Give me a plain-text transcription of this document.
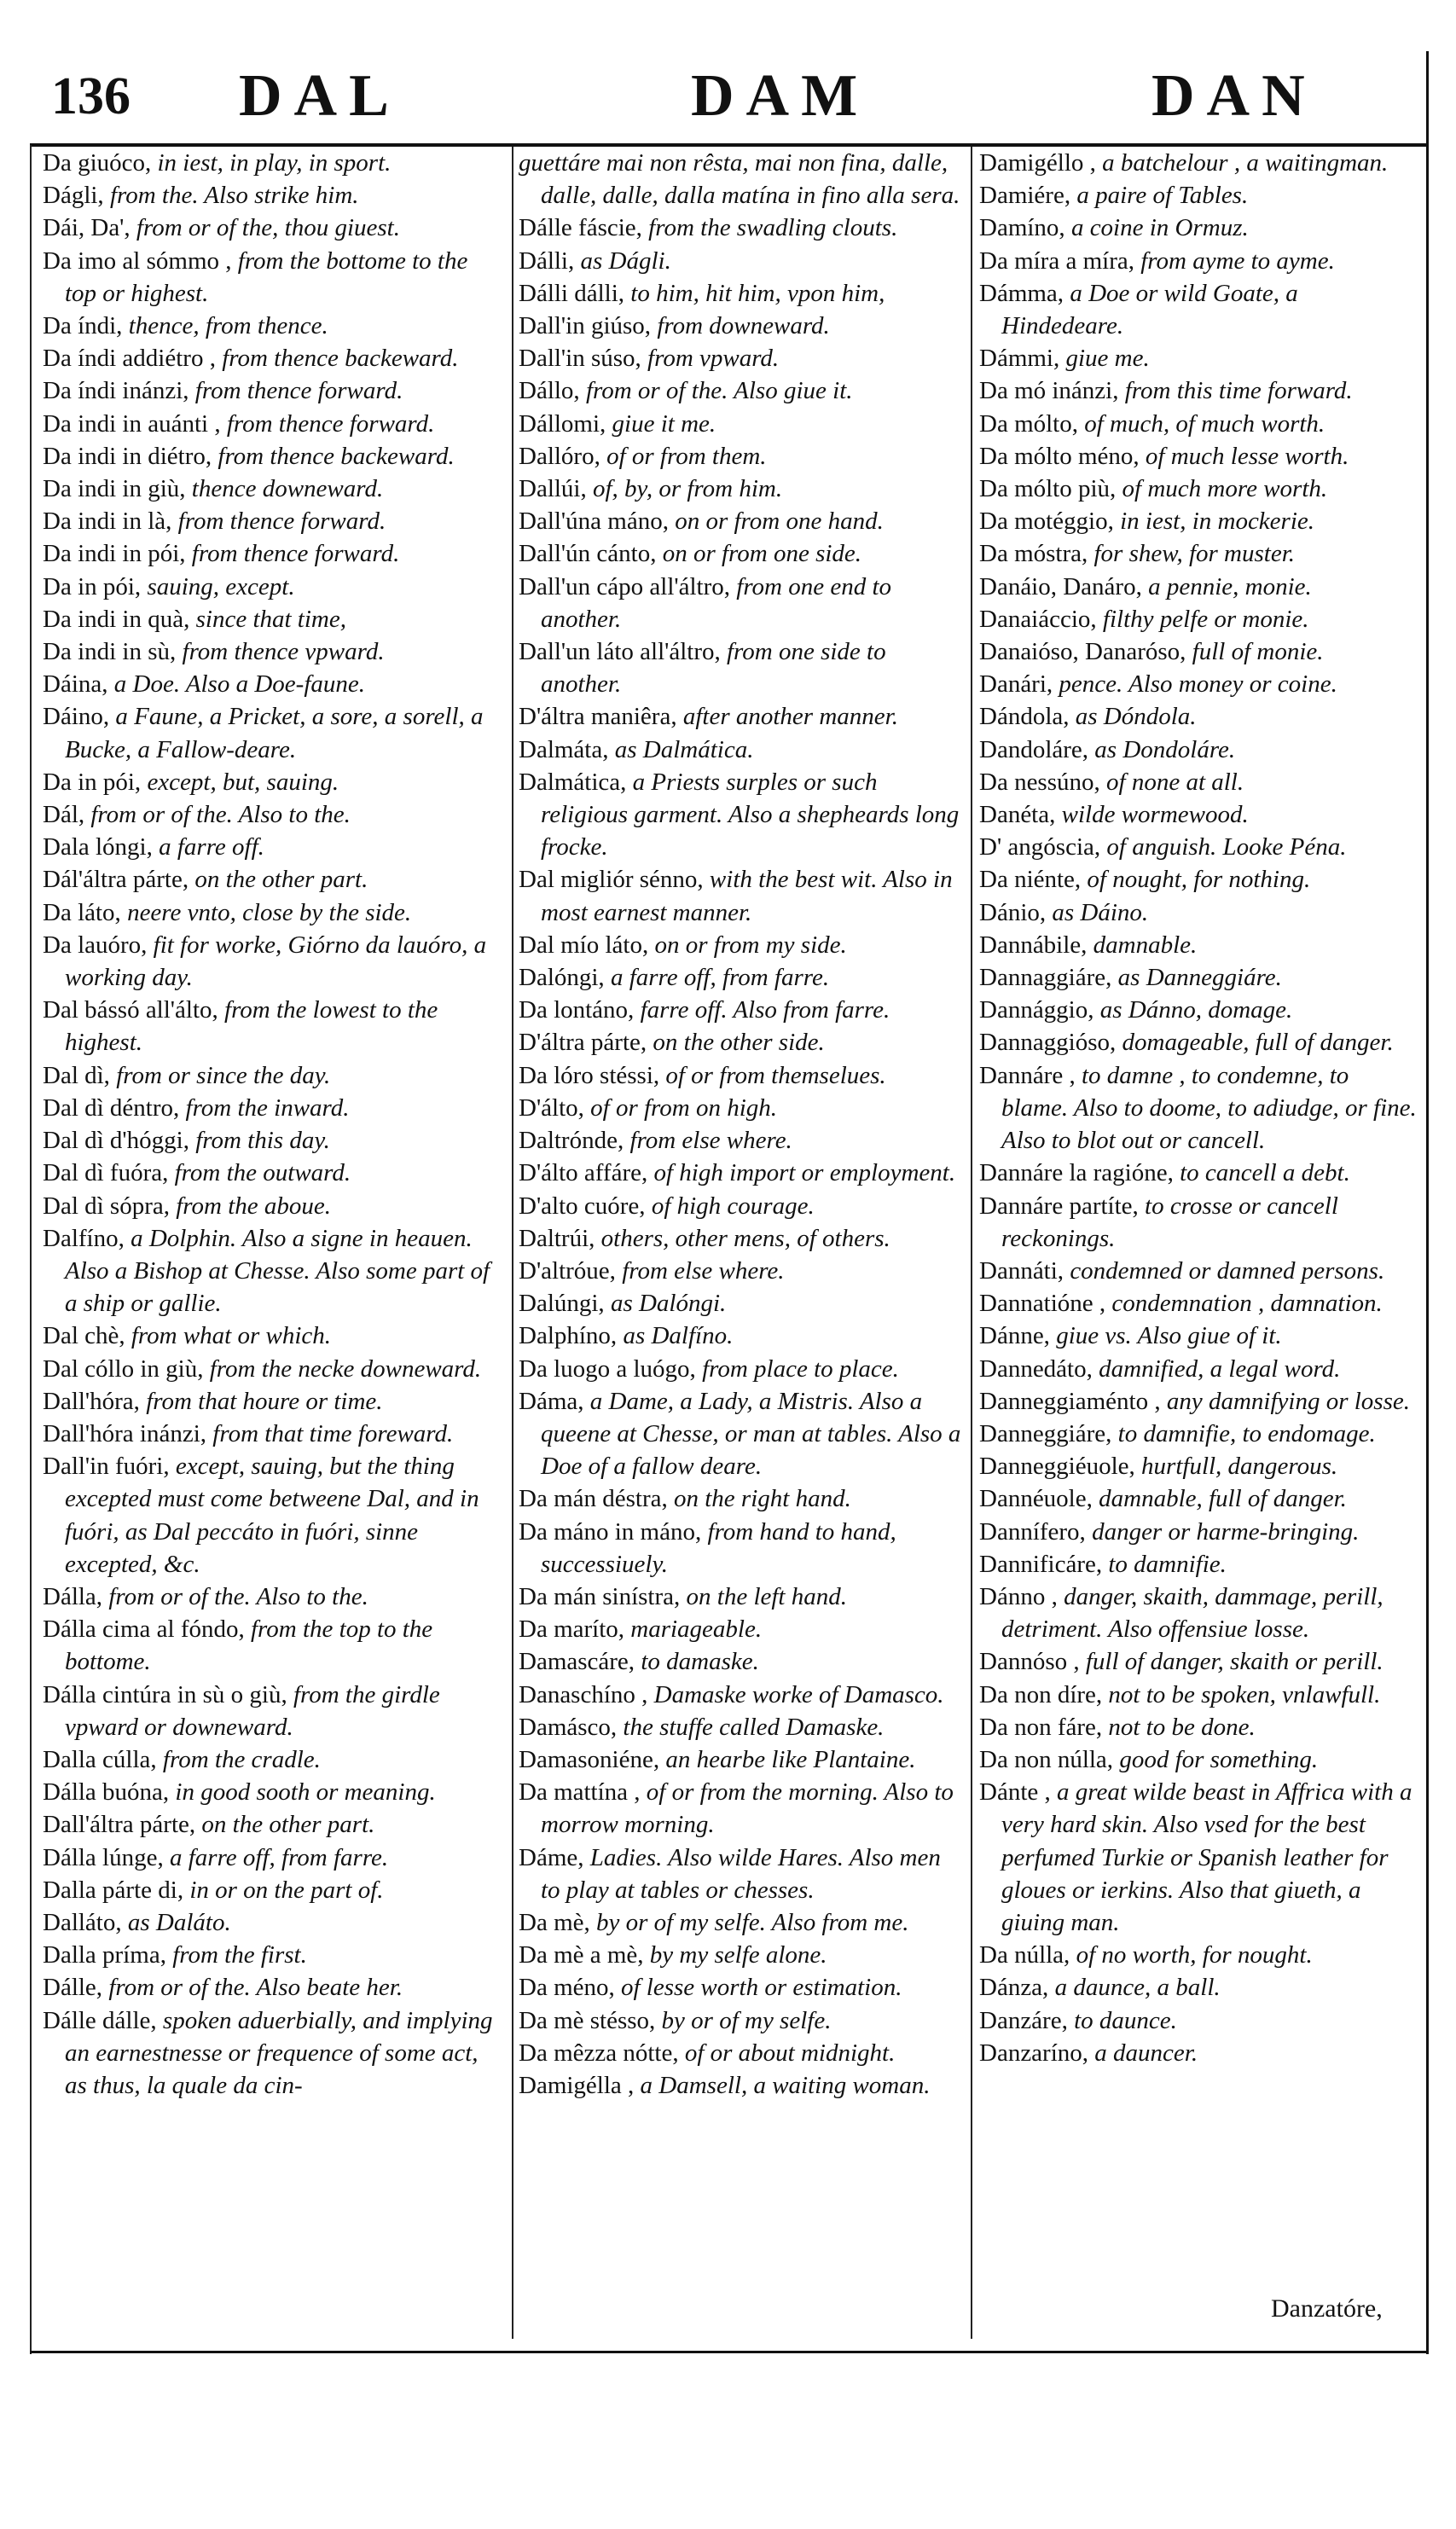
136 DAL	DAM	DAN
Da giuóco, in iest, in play, in sport.
Dágli, from the. Also strike him.
Dái, Da', from or of the, thou giuest.
Da imo al sómmo , from the bottome to the top or highest.
Da índi, thence, from thence.
Da índi addiétro , from thence backeward.
Da índi inánzi, from thence forward.
Da indi in auánti , from thence forward.
Da indi in diétro, from thence backeward.
Da indi in giù, thence downeward.
Da indi in là, from thence forward.
Da indi in pói, from thence forward.
Da in pói, sauing, except.
Da indi in quà, since that time,
Da indi in sù, from thence vpward.
Dáina, a Doe. Also a Doe-faune.
Dáino, a Faune, a Pricket, a sore, a sorell, a Bucke, a Fallow-deare.
Da in pói, except, but, sauing.
Dál, from or of the. Also to the.
Dala lóngi, a farre off.
Dál'áltra párte, on the other part.
Da láto, neere vnto, close by the side.
Da lauóro, fit for worke, Giórno da lauóro, a working day.
Dal bássó all'álto, from the lowest to the highest.
Dal dì, from or since the day.
Dal dì déntro, from the inward.
Dal dì d'hóggi, from this day.
Dal dì fuóra, from the outward.
Dal dì sópra, from the aboue.
Dalfíno, a Dolphin. Also a signe in heauen. Also a Bishop at Chesse. Also some part of a ship or gallie.
Dal chè, from what or which.
Dal cóllo in giù, from the necke downeward.
Dall'hóra, from that houre or time.
Dall'hóra inánzi, from that time foreward.
Dall'in fuóri, except, sauing, but the thing excepted must come betweene Dal, and in fuóri, as Dal peccáto in fuóri, sinne excepted, &c.
Dálla, from or of the. Also to the.
Dálla cima al fóndo, from the top to the bottome.
Dálla cintúra in sù o giù, from the girdle vpward or downeward.
Dalla cúlla, from the cradle.
Dálla buóna, in good sooth or meaning.
Dall'áltra párte, on the other part.
Dálla lúnge, a farre off, from farre.
Dalla párte di, in or on the part of.
Dalláto, as Daláto.
Dalla príma, from the first.
Dálle, from or of the. Also beate her.
Dálle dálle, spoken aduerbially, and implying an earnestnesse or frequence of some act, as thus, la quale da cin-
guettáre mai non rêsta, mai non fina, dalle, dalle, dalle, dalla matína in fino alla sera.
Dálle fáscie, from the swadling clouts.
Dálli, as Dágli.
Dálli dálli, to him, hit him, vpon him,
Dall'in giúso, from downeward.
Dall'in súso, from vpward.
Dállo, from or of the. Also giue it.
Dállomi, giue it me.
Dallóro, of or from them.
Dallúi, of, by, or from him.
Dall'úna máno, on or from one hand.
Dall'ún cánto, on or from one side.
Dall'un cápo all'áltro, from one end to another.
Dall'un láto all'áltro, from one side to another.
D'áltra maniêra, after another manner.
Dalmáta, as Dalmática.
Dalmática, a Priests surples or such religious garment. Also a shepheards long frocke.
Dal migliór sénno, with the best wit. Also in most earnest manner.
Dal mío láto, on or from my side.
Dalóngi, a farre off, from farre.
Da lontáno, farre off. Also from farre.
D'áltra párte, on the other side.
Da lóro stéssi, of or from themselues.
D'álto, of or from on high.
Daltrónde, from else where.
D'álto affáre, of high import or employment.
D'alto cuóre, of high courage.
Daltrúi, others, other mens, of others.
D'altróue, from else where.
Dalúngi, as Dalóngi.
Dalphíno, as Dalfíno.
Da luogo a luógo, from place to place.
Dáma, a Dame, a Lady, a Mistris. Also a queene at Chesse, or man at tables. Also a Doe of a fallow deare.
Da mán déstra, on the right hand.
Da máno in máno, from hand to hand, successiuely.
Da mán sinístra, on the left hand.
Da maríto, mariageable.
Damascáre, to damaske.
Danaschíno , Damaske worke of Damasco.
Damásco, the stuffe called Damaske.
Damasoniéne, an hearbe like Plantaine.
Da mattína , of or from the morning. Also to morrow morning.
Dáme, Ladies. Also wilde Hares. Also men to play at tables or chesses.
Da mè, by or of my selfe. Also from me.
Da mè a mè, by my selfe alone.
Da méno, of lesse worth or estimation.
Da mè stésso, by or of my selfe.
Da mêzza nótte, of or about midnight.
Damigélla , a Damsell, a waiting woman.
Damigéllo , a batchelour , a waitingman.
Damiére, a paire of Tables.
Damíno, a coine in Ormuz.
Da míra a míra, from ayme to ayme.
Dámma, a Doe or wild Goate, a Hindedeare.
Dámmi, giue me.
Da mó inánzi, from this time forward.
Da mólto, of much, of much worth.
Da mólto méno, of much lesse worth.
Da mólto più, of much more worth.
Da motéggio, in iest, in mockerie.
Da móstra, for shew, for muster.
Danáio, Danáro, a pennie, monie.
Danaiáccio, filthy pelfe or monie.
Danaióso, Danaróso, full of monie.
Danári, pence. Also money or coine.
Dándola, as Dóndola.
Dandoláre, as Dondoláre.
Da nessúno, of none at all.
Danéta, wilde wormewood.
D' angóscia, of anguish. Looke Péna.
Da niénte, of nought, for nothing.
Dánio, as Dáino.
Dannábile, damnable.
Dannaggiáre, as Danneggiáre.
Dannággio, as Dánno, domage.
Dannaggióso, domageable, full of danger.
Dannáre , to damne , to condemne, to blame. Also to doome, to adiudge, or fine. Also to blot out or cancell.
Dannáre la ragióne, to cancell a debt.
Dannáre partíte, to crosse or cancell reckonings.
Dannáti, condemned or damned persons.
Dannatióne , condemnation , damnation.
Dánne, giue vs. Also giue of it.
Dannedáto, damnified, a legal word.
Danneggiaménto , any damnifying or losse.
Danneggiáre, to damnifie, to endomage.
Danneggiéuole, hurtfull, dangerous.
Dannéuole, damnable, full of danger.
Dannífero, danger or harme-bringing.
Dannificáre, to damnifie.
Dánno , danger, skaith, dammage, perill, detriment. Also offensiue losse.
Dannóso , full of danger, skaith or perill.
Da non díre, not to be spoken, vnlawfull.
Da non fáre, not to be done.
Da non núlla, good for something.
Dánte , a great wilde beast in Affrica with a very hard skin. Also vsed for the best perfumed Turkie or Spanish leather for gloues or ierkins. Also that giueth, a giuing man.
Da núlla, of no worth, for nought.
Dánza, a daunce, a ball.
Danzáre, to daunce.
Danzaríno, a dauncer.
Danzatóre,
